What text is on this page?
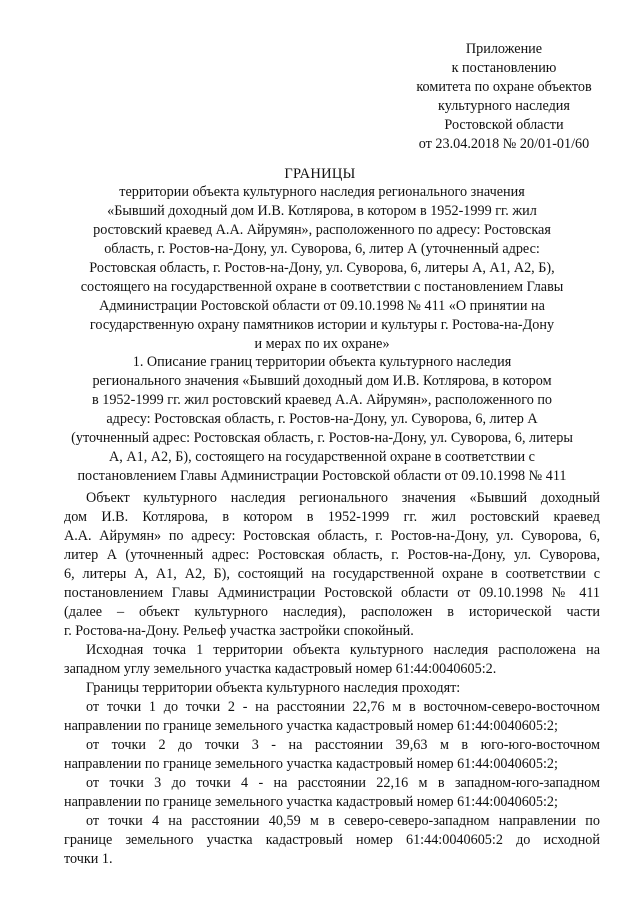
Приложение
к постановлению
комитета по охране объектов
культурного наследия
Ростовской области
от 23.04.2018 № 20/01-01/60
ГРАНИЦЫ
территории объекта культурного наследия регионального значения
«Бывший доходный дом И.В. Котлярова, в котором в 1952-1999 гг. жил
ростовский краевед А.А. Айрумян», расположенного по адресу: Ростовская
область, г. Ростов-на-Дону, ул. Суворова, 6, литер А (уточненный адрес:
Ростовская область, г. Ростов-на-Дону, ул. Суворова, 6, литеры А, А1, А2, Б),
состоящего на государственной охране в соответствии с постановлением Главы
Администрации Ростовской области от 09.10.1998 № 411 «О принятии на
государственную охрану памятников истории и культуры г. Ростова-на-Дону
и мерах по их охране»
1. Описание границ территории объекта культурного наследия
регионального значения «Бывший доходный дом И.В. Котлярова, в котором
в 1952-1999 гг. жил ростовский краевед А.А. Айрумян», расположенного по
адресу: Ростовская область, г. Ростов-на-Дону, ул. Суворова, 6, литер А
(уточненный адрес: Ростовская область, г. Ростов-на-Дону, ул. Суворова, 6, литеры
А, А1, А2, Б), состоящего на государственной охране в соответствии с
постановлением Главы Администрации Ростовской области от 09.10.1998 № 411
Объект культурного наследия регионального значения «Бывший доходный
дом И.В. Котлярова, в котором в 1952-1999 гг. жил ростовский краевед
А.А. Айрумян» по адресу: Ростовская область, г. Ростов-на-Дону, ул. Суворова, 6,
литер А (уточненный адрес: Ростовская область, г. Ростов-на-Дону, ул. Суворова,
6, литеры А, А1, А2, Б), состоящий на государственной охране в соответствии с
постановлением Главы Администрации Ростовской области от 09.10.1998 № 411
(далее – объект культурного наследия), расположен в исторической части
г. Ростова-на-Дону. Рельеф участка застройки спокойный.
Исходная точка 1 территории объекта культурного наследия расположена на
западном углу земельного участка кадастровый номер 61:44:0040605:2.
Границы территории объекта культурного наследия проходят:
от точки 1 до точки 2 - на расстоянии 22,76 м в восточном-северо-восточном
направлении по границе земельного участка кадастровый номер 61:44:0040605:2;
от точки 2 до точки 3 - на расстоянии 39,63 м в юго-юго-восточном
направлении по границе земельного участка кадастровый номер 61:44:0040605:2;
от точки 3 до точки 4 - на расстоянии 22,16 м в западном-юго-западном
направлении по границе земельного участка кадастровый номер 61:44:0040605:2;
от точки 4 на расстоянии 40,59 м в северо-северо-западном направлении по
границе земельного участка кадастровый номер 61:44:0040605:2 до исходной
точки 1.
